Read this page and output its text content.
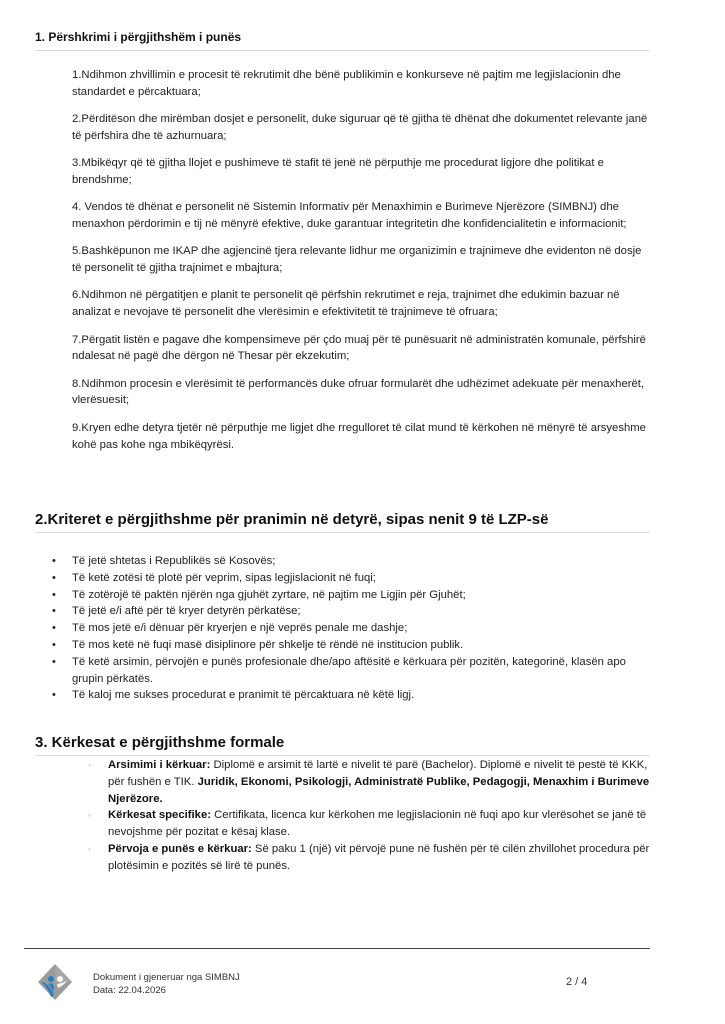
1. Përshkrimi i përgjithshëm i punës

1.Ndihmon zhvillimin e procesit të rekrutimit dhe bënë publikimin e konkurseve në pajtim me legjislacionin dhe standardet e përcaktuara;

2.Përditëson dhe mirëmban dosjet e personelit, duke siguruar që të gjitha të dhënat dhe dokumentet relevante janë të përfshira dhe të azhurnuara;

3.Mbikëqyr që të gjitha llojet e pushimeve të stafit të jenë në përputhje me procedurat ligjore dhe politikat e brendshme;

4. Vendos të dhënat e personelit në Sistemin Informativ për Menaxhimin e Burimeve Njerëzore (SIMBNJ) dhe menaxhon përdorimin e tij në mënyrë efektive, duke garantuar integritetin dhe konfidencialitetin e informacionit;

5.Bashkëpunon me IKAP dhe agjencinë tjera relevante lidhur me organizimin e trajnimeve dhe evidenton në dosje të personelit të gjitha trajnimet e mbajtura;

6.Ndihmon në përgatitjen e planit te personelit që përfshin rekrutimet e reja, trajnimet dhe edukimin bazuar në analizat e nevojave të personelit dhe vlerësimin e efektivitetit të trajnimeve të ofruara;

7.Përgatit listën e pagave dhe kompensimeve për çdo muaj për të punësuarit në administratën komunale, përfshirë ndalesat në pagë dhe dërgon në Thesar për ekzekutim;

8.Ndihmon procesin e vlerësimit të performancës duke ofruar formularët dhe udhëzimet adekuate për menaxherët, vlerësuesit;

9.Kryen edhe detyra tjetër në përputhje me ligjet dhe rregulloret të cilat mund të kërkohen në mënyrë të arsyeshme kohë pas kohe nga mbikëqyrësi.

2.Kriteret e përgjithshme për pranimin në detyrë, sipas nenit 9 të LZP-së
• Të jetë shtetas i Republikës së Kosovës;
• Të ketë zotësi të plotë për veprim, sipas legjislacionit në fuqi;
• Të zotërojë të paktën njërën nga gjuhët zyrtare, në pajtim me Ligjin për Gjuhët;
• Të jetë e/i aftë për të kryer detyrën përkatëse;
• Të mos jetë e/i dënuar për kryerjen e një veprës penale me dashje;
• Të mos ketë në fuqi masë disiplinore për shkelje të rëndë në institucion publik.
• Të ketë arsimin, përvojën e punës profesionale dhe/apo aftësitë e kërkuara për pozitën, kategorinë, klasën apo grupin përkatës.
• Të kaloj me sukses procedurat e pranimit të përcaktuara në këtë ligj.
3. Kërkesat e përgjithshme formale
◦ Arsimimi i kërkuar: Diplomë e arsimit të lartë e nivelit të parë (Bachelor). Diplomë e nivelit të pestë të KKK, për fushën e TIK. Juridik, Ekonomi, Psikologji, Administratë Publike, Pedagogji, Menaxhim i Burimeve Njerëzore.
◦ Kërkesat specifike: Certifikata, licenca kur kërkohen me legjislacionin në fuqi apo kur vlerësohet se janë të nevojshme për pozitat e kësaj klase.
◦ Përvoja e punës e kërkuar: Së paku 1 (një) vit përvojë pune në fushën për të cilën zhvillohet procedura për plotësimin e pozitës së lirë të punës.
Dokument i gjeneruar nga SIMBNJ
Data: 22.04.2026
2 / 4
